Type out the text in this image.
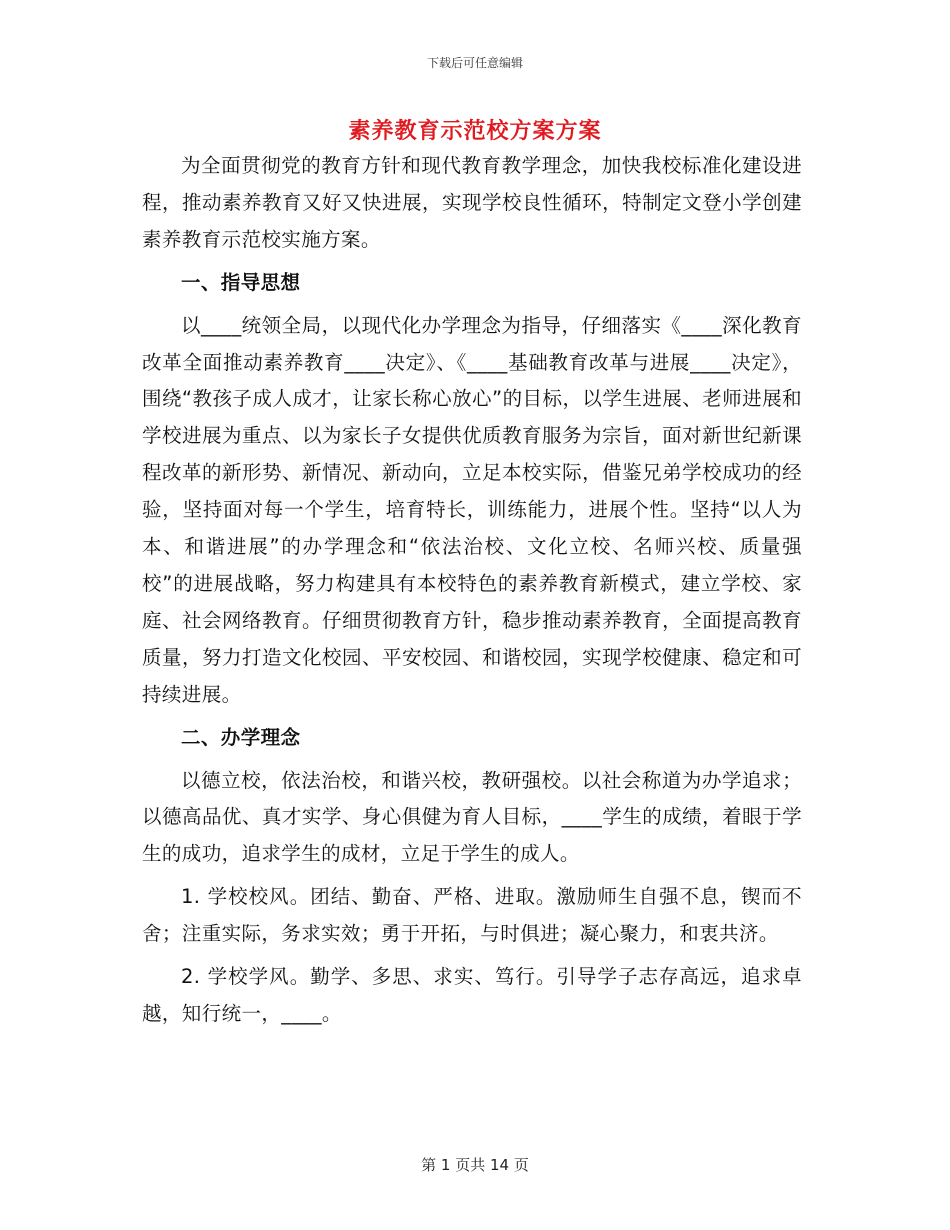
下载后可任意编辑
素养教育示范校方案方案

为全面贯彻党的教育方针和现代教育教学理念，加快我校标准化建设进程，推动素养教育又好又快进展，实现学校良性循环，特制定文登小学创建素养教育示范校实施方案。

一、指导思想

以____统领全局，以现代化办学理念为指导，仔细落实《____深化教育改革全面推动素养教育____决定》、《____基础教育改革与进展____决定》，围绕“教孩子成人成才，让家长称心放心”的目标，以学生进展、老师进展和学校进展为重点、以为家长子女提供优质教育服务为宗旨，面对新世纪新课程改革的新形势、新情况、新动向，立足本校实际，借鉴兄弟学校成功的经验，坚持面对每一个学生，培育特长，训练能力，进展个性。坚持“以人为本、和谐进展”的办学理念和“依法治校、文化立校、名师兴校、质量强校”的进展战略，努力构建具有本校特色的素养教育新模式，建立学校、家庭、社会网络教育。仔细贯彻教育方针，稳步推动素养教育，全面提高教育质量，努力打造文化校园、平安校园、和谐校园，实现学校健康、稳定和可持续进展。

二、办学理念

以德立校，依法治校，和谐兴校，教研强校。以社会称道为办学追求；以德高品优、真才实学、身心俱健为育人目标，____学生的成绩，着眼于学生的成功，追求学生的成材，立足于学生的成人。

1. 学校校风。团结、勤奋、严格、进取。激励师生自强不息，锲而不舍；注重实际，务求实效；勇于开拓，与时俱进；凝心聚力，和衷共济。

2. 学校学风。勤学、多思、求实、笃行。引导学子志存高远，追求卓越，知行统一，____。

第 1 页共 14 页
